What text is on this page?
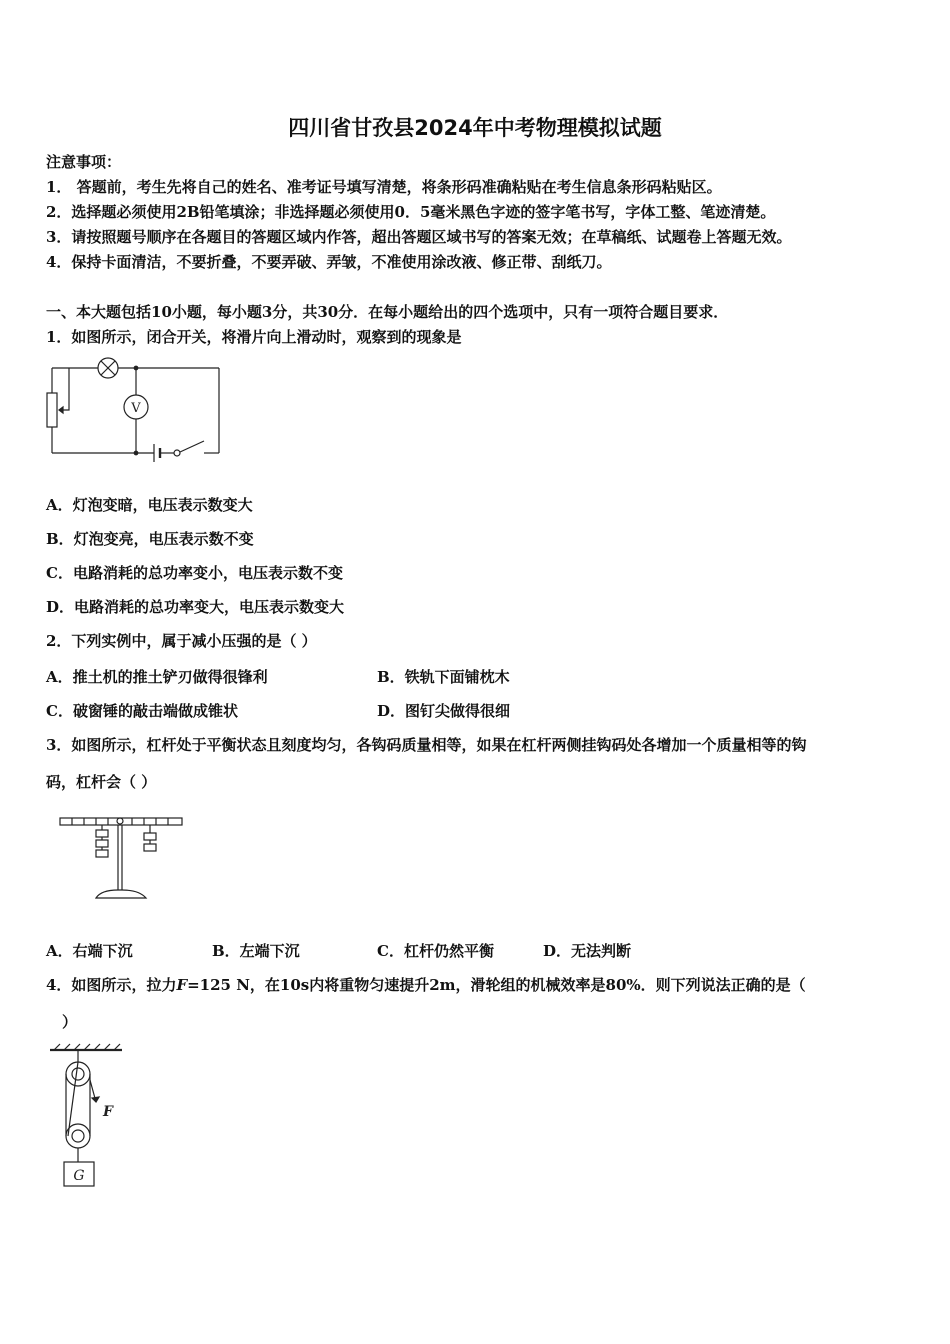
四川省甘孜县2024年中考物理模拟试题
注意事项：
1． 答题前，考生先将自己的姓名、准考证号填写清楚，将条形码准确粘贴在考生信息条形码粘贴区。
2．选择题必须使用2B铅笔填涂；非选择题必须使用0．5毫米黑色字迹的签字笔书写，字体工整、笔迹清楚。
3．请按照题号顺序在各题目的答题区域内作答，超出答题区域书写的答案无效；在草稿纸、试题卷上答题无效。
4．保持卡面清洁，不要折叠，不要弄破、弄皱，不准使用涂改液、修正带、刮纸刀。
一、本大题包括10小题，每小题3分，共30分．在每小题给出的四个选项中，只有一项符合题目要求．
1．如图所示，闭合开关，将滑片向上滑动时，观察到的现象是
V
A．灯泡变暗，电压表示数变大
B．灯泡变亮，电压表示数不变
C．电路消耗的总功率变小，电压表示数不变
D．电路消耗的总功率变大，电压表示数变大
2．下列实例中，属于减小压强的是（ ）
A．推土机的推土铲刃做得很锋利	B．铁轨下面铺枕木
C．破窗锤的敲击端做成锥状	D．图钉尖做得很细
3．如图所示，杠杆处于平衡状态且刻度均匀，各钩码质量相等，如果在杠杆两侧挂钩码处各增加一个质量相等的钩
码，杠杆会（ ）
A．右端下沉	B．左端下沉	C．杠杆仍然平衡	D．无法判断
4．如图所示，拉力F=125 N，在10s内将重物匀速提升2m，滑轮组的机械效率是80%．则下列说法正确的是（
）
F
G
